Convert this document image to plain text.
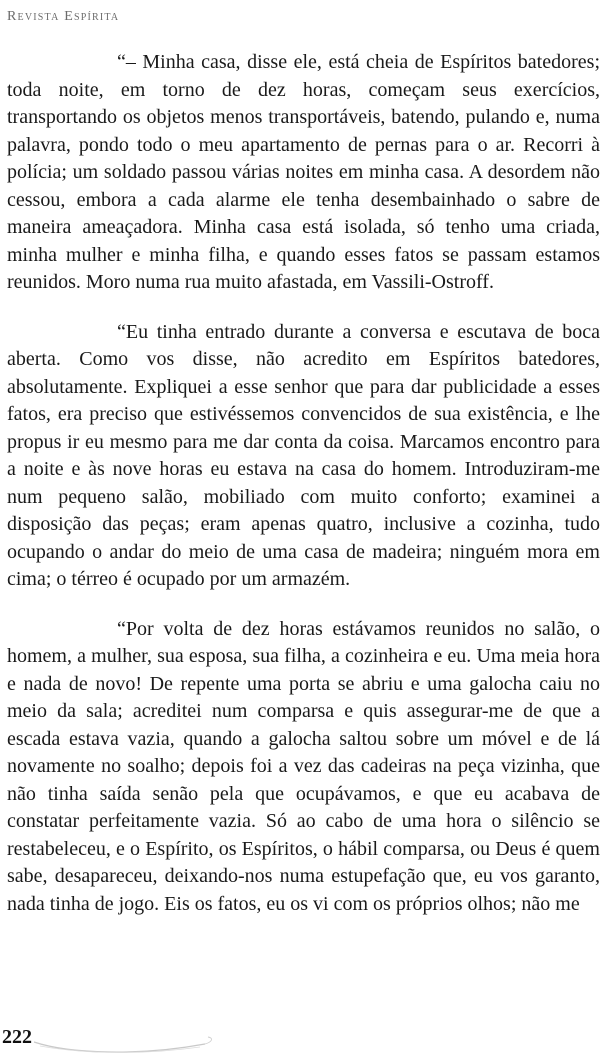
Revista Espírita

“– Minha casa, disse ele, está cheia de Espíritos batedores; toda noite, em torno de dez horas, começam seus exercícios, transportando os objetos menos transportáveis, batendo, pulando e, numa palavra, pondo todo o meu apartamento de pernas para o ar. Recorri à polícia; um soldado passou várias noites em minha casa. A desordem não cessou, embora a cada alarme ele tenha desembainhado o sabre de maneira ameaçadora. Minha casa está isolada, só tenho uma criada, minha mulher e minha filha, e quando esses fatos se passam estamos reunidos. Moro numa rua muito afastada, em Vassili-Ostroff.

“Eu tinha entrado durante a conversa e escutava de boca aberta. Como vos disse, não acredito em Espíritos batedores, absolutamente. Expliquei a esse senhor que para dar publicidade a esses fatos, era preciso que estivéssemos convencidos de sua existência, e lhe propus ir eu mesmo para me dar conta da coisa. Marcamos encontro para a noite e às nove horas eu estava na casa do homem. Introduziram-me num pequeno salão, mobiliado com muito conforto; examinei a disposição das peças; eram apenas quatro, inclusive a cozinha, tudo ocupando o andar do meio de uma casa de madeira; ninguém mora em cima; o térreo é ocupado por um armazém.

“Por volta de dez horas estávamos reunidos no salão, o homem, a mulher, sua esposa, sua filha, a cozinheira e eu. Uma meia hora e nada de novo! De repente uma porta se abriu e uma galocha caiu no meio da sala; acreditei num comparsa e quis assegurar-me de que a escada estava vazia, quando a galocha saltou sobre um móvel e de lá novamente no soalho; depois foi a vez das cadeiras na peça vizinha, que não tinha saída senão pela que ocupávamos, e que eu acabava de constatar perfeitamente vazia. Só ao cabo de uma hora o silêncio se restabeleceu, e o Espírito, os Espíritos, o hábil comparsa, ou Deus é quem sabe, desapareceu, deixando-nos numa estupefação que, eu vos garanto, nada tinha de jogo. Eis os fatos, eu os vi com os próprios olhos; não me

222
